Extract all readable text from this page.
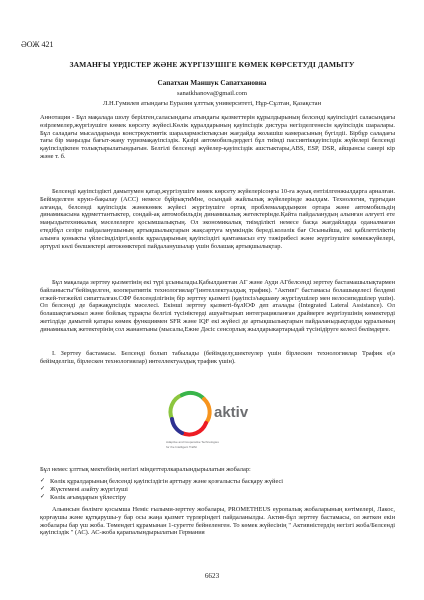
ӘОЖ 421
ЗАМАНҒЫ ҮРДІСТЕР ЖӘНЕ ЖҮРГІЗУШІГЕ КӨМЕК КӨРСЕТУДІ ДАМЫТУ
Сапатхан Маншук Сапатхановна
sanatkhanova@gmail.com
Л.Н.Гумилев атындағы Еуразия ұлттық университеті, Нұр-Сұлтан, Қазақстан

Аннотация - Бұл мақалада шолу берілген,саласындағы атындағы қызметтерін құрылдырының белсенді қауіпсіздігі саласындағы өзірлемелер,жүргізушіге көмек көрсету жүйесі.Көлік құралдарының қауіпсіздік дистура негізделгенесін қауіпсіздік шаралары. Бұл саладағы мысалдарында констркуктивтік шаралармәсіктықсын жағдайда жолашіш камерасының бүгілдіі. Бірбұр саладағы тағы бір маңызды бағыт-жаңу туризмақауіпсіздік. Қазірі автомобильдердегі бұл тиімді пассивтікқауіпсіздік жүйелері белсенді қауіпсіздікпен толықтырылатындығын. Белгілі белсенді жүйелер-қауіпсіздік ашстыктары,ABS, ESP, DSR, айщынсы санері кір және т. б.

Белсенді қауіпсіздікті дамытумен қатар,жүргізушіге көмек көрсету жүйелерісоңғы 10-ға жуық ентізілгенжылдарга арналған. Бейімделген круиз-бақылау (ACC) немесе бұйрықтиМне, осындай жайлылық жүйелерінде жылдам. Технология, тұрғыдан алғанда, белсенді қауіпсіздік жәнекөмек жүйесі жүргізушіге ортақ проблемалардыңкон ортара және автомобильдің динамикасына құрметтантыктер, сондай-ақ автомобильдің динамикалық жетектерінде.Қайта пайдаланудың алынған алғуеті ете маңыздытехникалық мәселелерге қосымшалықтың. Ол экономикалық тиімділікті немесе басқа жағдайларда оданалмаған етедібұл сезіре пайдаланушының артықшылықтарын жақсартуға мүмкіндік береді.коләлік бағ Осыныйша, екі қабілеттіліктің алынға қоныкты үйлесімділіргі,көлік құралдарының қауіпсіздігі қамтамасыз ету тәжірибесі және жүргізушіге көмекжүйелері, әртүрлі көлі бөлшектері автокөмктерлі пайдаланушылар үшін болашақ артықшылықтар.

Бұл мақалада зерттеу қызметінің екі түрі ұсынылады.Қабылдангған АГ және Ауди АГбелсенді зерттеу бастамашылықтармен байланысты"бейімделген, кооперативтік технологиялар"(интеллектуалдық трафик). "Активі" бастамасы болашықелесі белдемі егжей-тегжейлі сипатталған.СФР белсенділігінің бір зерттеу қызметі (қауіпсіз/ықшаму жүргізушілер мен велосипедшілер үшін). Ол белсенді де баржақұпсіздік мәселесі. Екінші зерттеу қызметі-бұлІОФ деп аталады (Integrated Lateral Assistance). Ол болашақтағыжыл және бойлық тұрақты белгілі түсініктерді ашуаётырып интеграцияланған драйверге жүргізушінің көмектерді жетілдіде дамытей қатары көмек функциямен SFR және IQF екі жүйесі де артықшылықтарын пайдаланыдықтарды құралының динамикалық жетектерінің сол жанантыны (мысалы,Ежне Дәсіс сенсорлық жылдарыкартарыдай түсінідіруге келесі бөлімдерге.

І. Зерттеу бастамасы. Белсенді болып табылады (бейімделу,шектеулер үшін бірлескен технологиялар Трафик е(ә бейімделгіш, бірлескен технологиялар) интеллектуалдық трафик үшін).

aktiv
Adaptive and Cooperative Technologies
for the Intelligent Traffic

Бұл немес ұлттық мектебінің негізгі міндеттерлкаралындырылатын жобалар:

✓ Көлік құралдарының белсенді қауіпсіздігін арттыру және қозғалысты басқару жүйесі
✓ Жүктемені азайту жүргізуші
✓ Көлік ағымдарын үйлестіру

Альянсын бөлімге қосымша Неміс ғылыми-зерттеу жобалары, PROMETHEUS еуропалық жобаларының көтімелері, Лакос, қорғаушы және құтқарушы-у бар осы жаңа қызмет түрлеріндегі пайдаланылды. Актив-бұл зерттеу бастамасы, ол жеткен екін жобалары бар үш жоба. Төмендегі құрамынан 1-суретте бейнеленген. То көмек жүйесінің " Активністердің негізгі жоба/Белсенді қауіпсіздік " (АС). АС-жоба қарапалындырылатын Германия

6623
